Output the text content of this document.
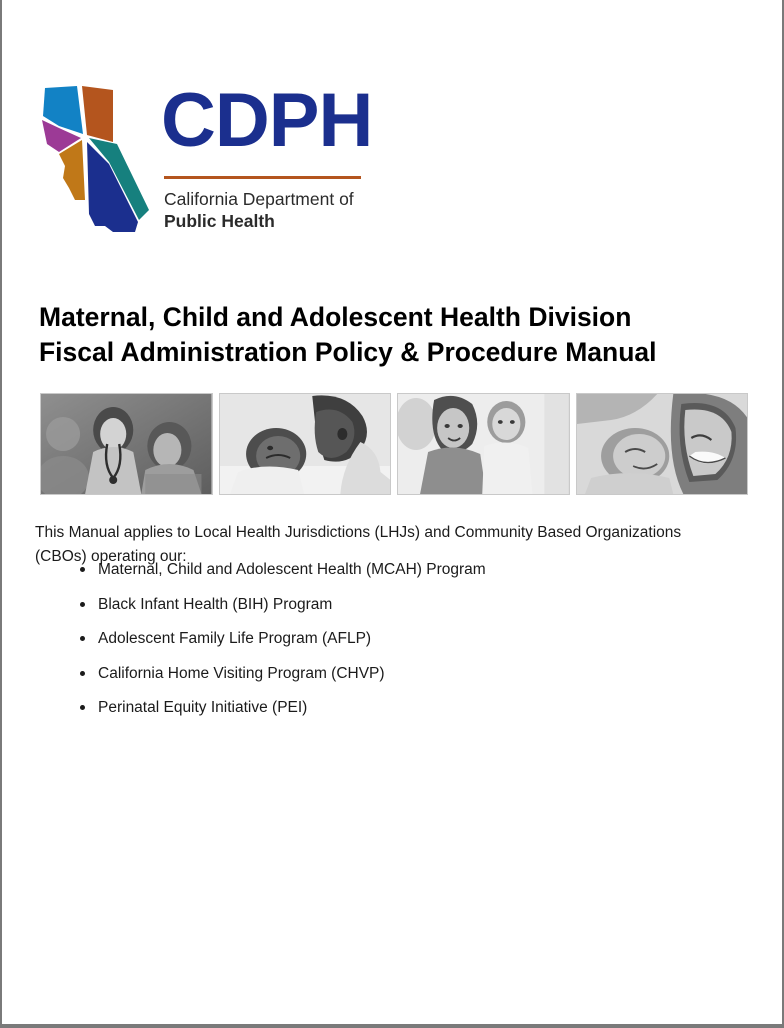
CDPH
California Department of
Public Health
Maternal, Child and Adolescent Health Division
Fiscal Administration Policy & Procedure Manual

This Manual applies to Local Health Jurisdictions (LHJs) and Community Based Organizations (CBOs) operating our:

Maternal, Child and Adolescent Health (MCAH) Program
Black Infant Health (BIH) Program
Adolescent Family Life Program (AFLP)
California Home Visiting Program (CHVP)
Perinatal Equity Initiative (PEI)
